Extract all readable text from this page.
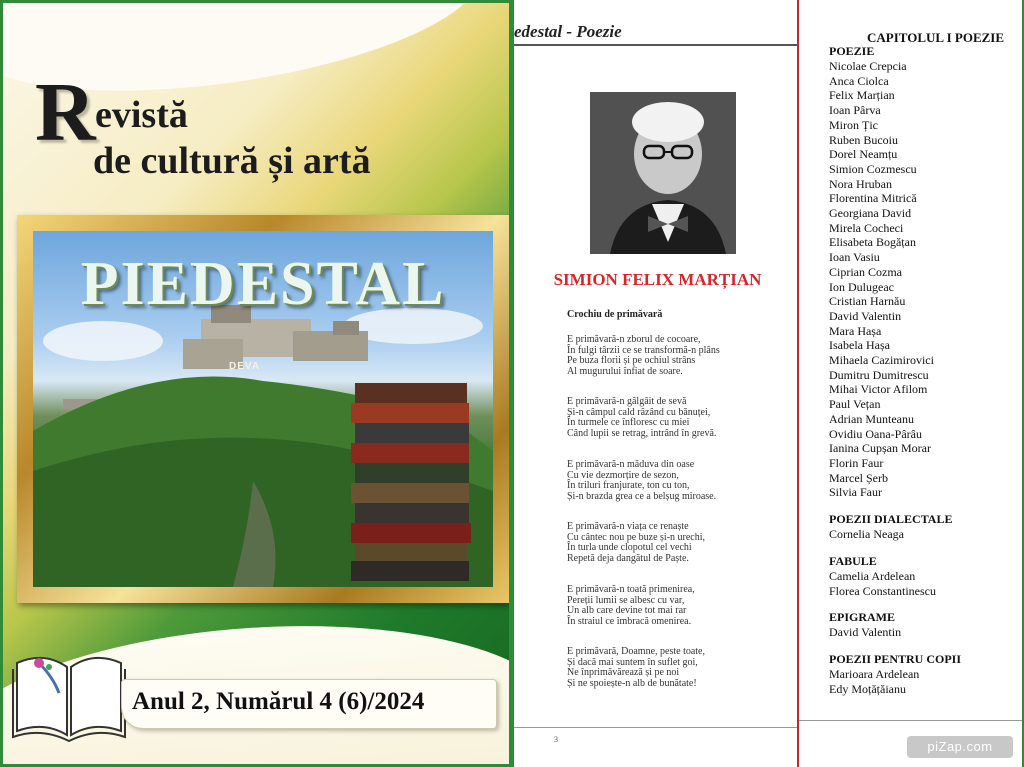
R evistă
de cultură și artă
PIEDESTAL
DEVA
Anul 2, Numărul 4 (6)/2024
edestal - Poezie
SIMION FELIX MARȚIAN
Crochiu de primăvară
E primăvară-n zborul de cocoare,
În fulgi târzii ce se transformă-n plâns
Pe buza florii și pe ochiul strâns
Al mugurului înfiat de soare.
E primăvară-n gâlgâit de sevă
Și-n câmpul cald râzând cu bănuței,
În turmele ce înfloresc cu miei
Când lupii se retrag, intrând în grevă.
E primăvară-n măduva din oase
Cu vie dezmorțire de sezon,
În triluri franjurate, ton cu ton,
Și-n brazda grea ce a belșug miroase.
E primăvară-n viața ce renaște
Cu cântec nou pe buze și-n urechi,
În turla unde clopotul cel vechi
Repetă deja dangătul de Paște.
E primăvară-n toată primenirea,
Pereții lumii se albesc cu var,
Un alb care devine tot mai rar
În straiul ce îmbracă omenirea.
E primăvară, Doamne, peste toate,
Și dacă mai suntem în suflet goi,
Ne înprimăvărează și pe noi
Și ne spoiește-n alb de bunătate!
3
CAPITOLUL I POEZIE
POEZIE
Nicolae Crepcia
Anca Ciolca
Felix Marțian
Ioan Pârva
Miron Țic
Ruben Bucoiu
Dorel Neamțu
Simion Cozmescu
Nora Hruban
Florentina Mitrică
Georgiana David
Mirela Cocheci
Elisabeta Bogățan
Ioan Vasiu
Ciprian Cozma
Ion Dulugeac
Cristian Harnău
David Valentin
Mara Hașa
Isabela Hașa
Mihaela Cazimirovici
Dumitru Dumitrescu
Mihai Victor Afilom
Paul Vețan
Adrian Munteanu
Ovidiu Oana-Pârâu
Ianina Cupșan Morar
Florin Faur
Marcel Șerb
Silvia Faur
POEZII DIALECTALE
Cornelia Neaga
FABULE
Camelia Ardelean
Florea Constantinescu
EPIGRAME
David Valentin
POEZII PENTRU COPII
Marioara Ardelean
Edy Moțățăianu
piZap.com
